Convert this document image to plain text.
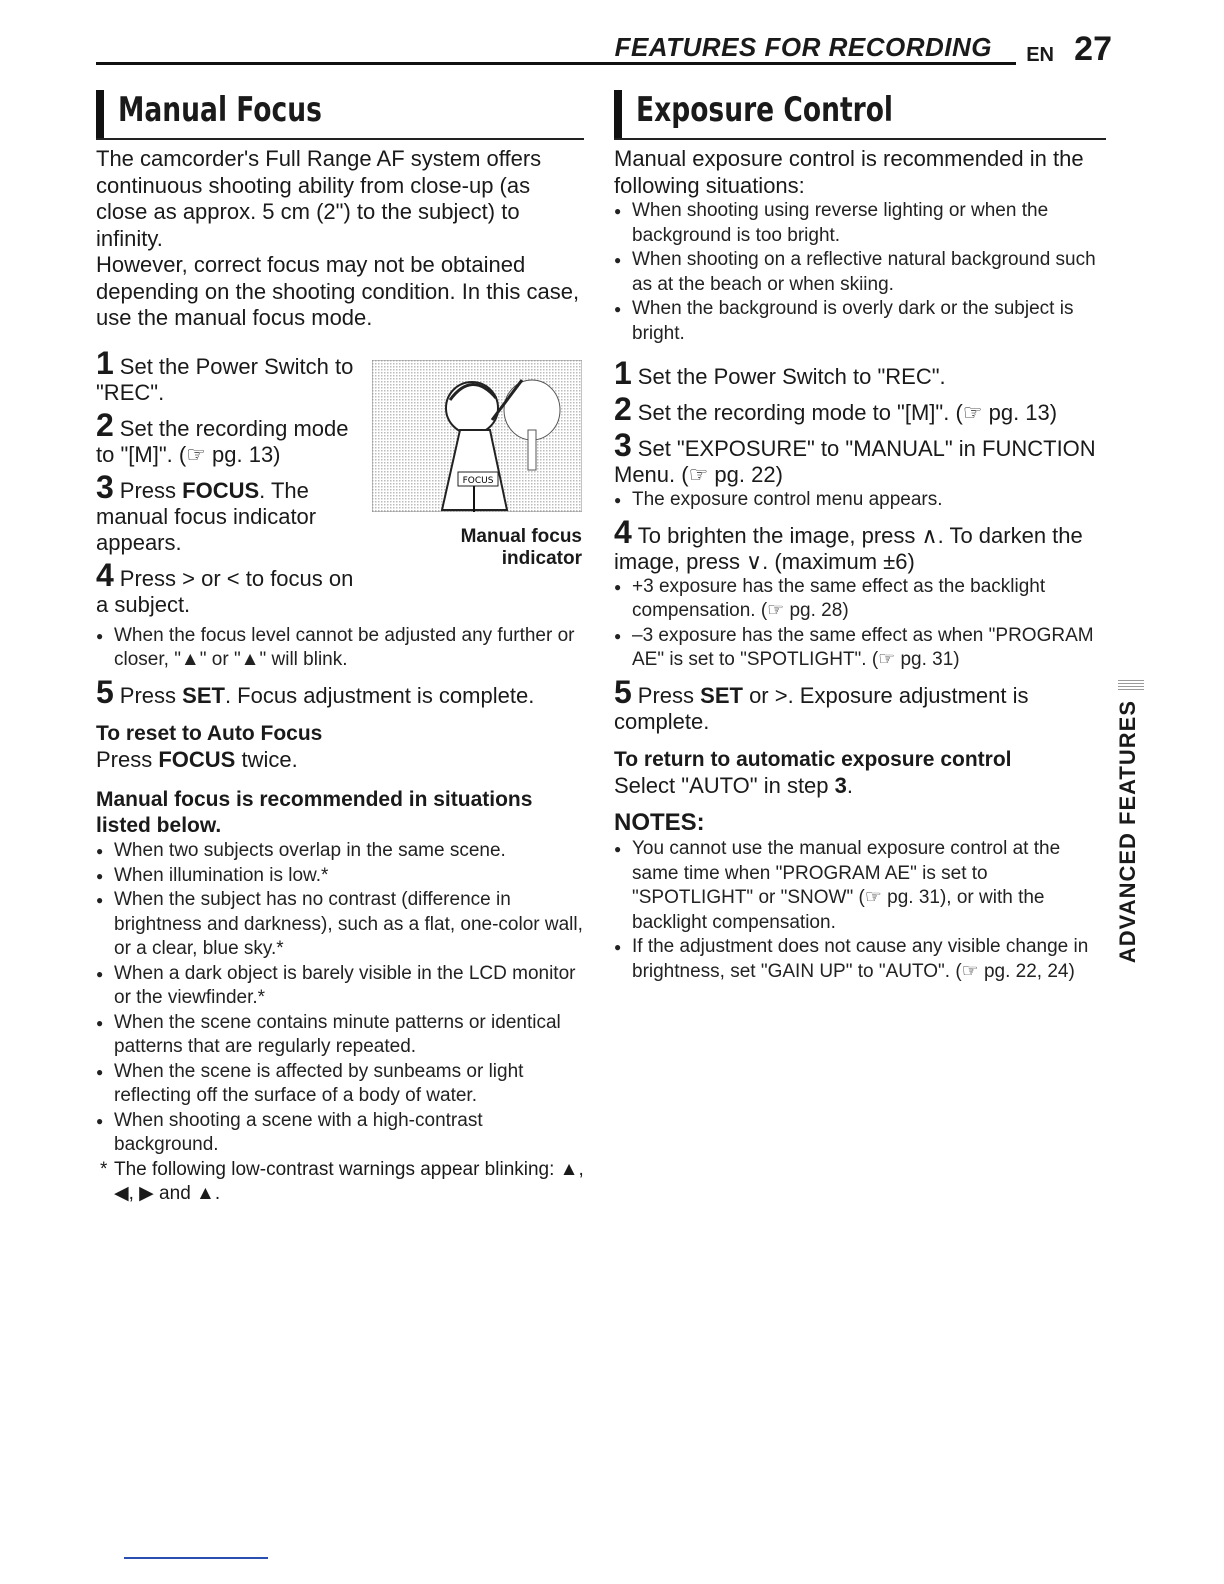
FEATURES FOR RECORDING EN 27
Manual Focus

The camcorder's Full Range AF system offers continuous shooting ability from close-up (as close as approx. 5 cm (2") to the subject) to infinity.

However, correct focus may not be obtained depending on the shooting condition. In this case, use the manual focus mode.

1 Set the Power Switch to "REC".

2 Set the recording mode to "[M]". (☞ pg. 13)

3 Press FOCUS. The manual focus indicator appears.

4 Press > or < to focus on a subject.

● When the focus level cannot be adjusted any further or closer, "▲" or "▲" will blink.

5 Press SET. Focus adjustment is complete.

To reset to Auto Focus

Press FOCUS twice.

Manual focus is recommended in situations listed below.

● When two subjects overlap in the same scene.
● When illumination is low.*
● When the subject has no contrast (difference in brightness and darkness), such as a flat, one-color wall, or a clear, blue sky.*
● When a dark object is barely visible in the LCD monitor or the viewfinder.*
● When the scene contains minute patterns or identical patterns that are regularly repeated.
● When the scene is affected by sunbeams or light reflecting off the surface of a body of water.
● When shooting a scene with a high-contrast background.

* The following low-contrast warnings appear blinking: ▲, ◀, ▶ and ▲.

FOCUS
Manual focus
indicator
Exposure Control

Manual exposure control is recommended in the following situations:

● When shooting using reverse lighting or when the background is too bright.
● When shooting on a reflective natural background such as at the beach or when skiing.
● When the background is overly dark or the subject is bright.

1 Set the Power Switch to "REC".

2 Set the recording mode to "[M]". (☞ pg. 13)

3 Set "EXPOSURE" to "MANUAL" in FUNCTION Menu. (☞ pg. 22)

● The exposure control menu appears.

4 To brighten the image, press ∧. To darken the image, press ∨. (maximum ±6)

● +3 exposure has the same effect as the backlight compensation. (☞ pg. 28)
● –3 exposure has the same effect as when "PROGRAM AE" is set to "SPOTLIGHT". (☞ pg. 31)

5 Press SET or >. Exposure adjustment is complete.

To return to automatic exposure control

Select "AUTO" in step 3.

NOTES:

● You cannot use the manual exposure control at the same time when "PROGRAM AE" is set to "SPOTLIGHT" or "SNOW" (☞ pg. 31), or with the backlight compensation.
● If the adjustment does not cause any visible change in brightness, set "GAIN UP" to "AUTO". (☞ pg. 22, 24)
ADVANCED FEATURES
